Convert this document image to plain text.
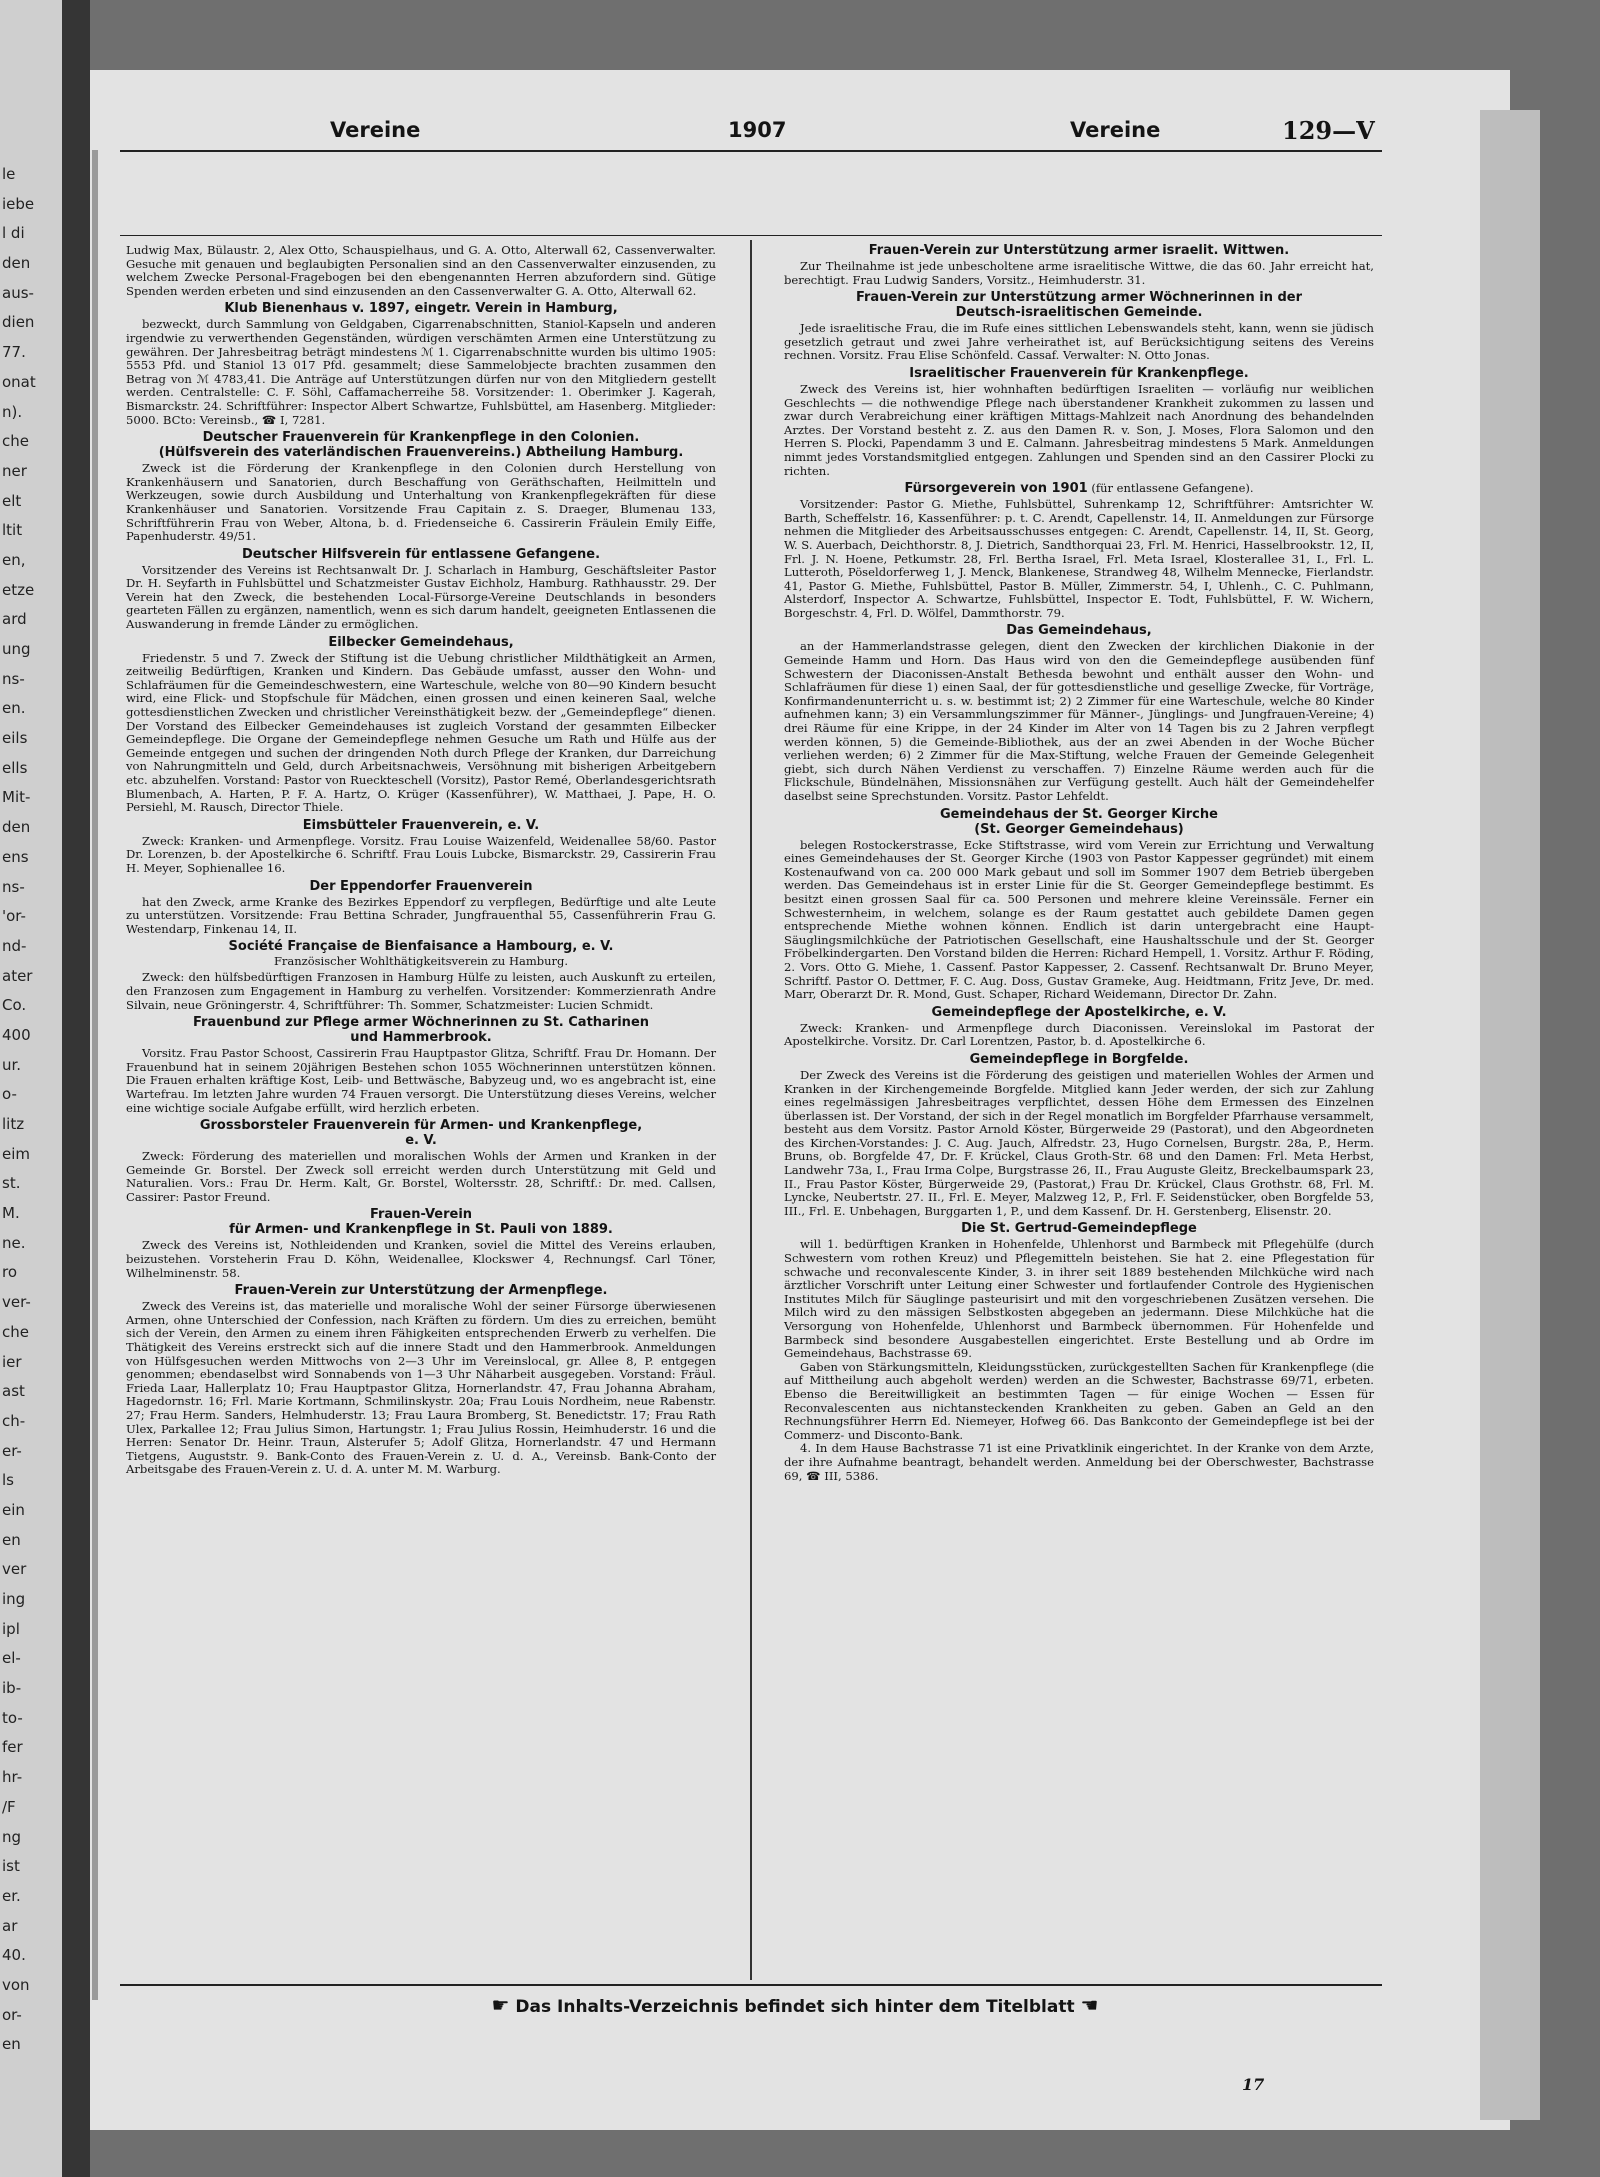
le
iebe
l di
den
aus-
dien
77.
onat
n).
che
ner
elt
ltit
en,
etze
ard
ung
ns-
en.
eils
ells
Mit-
den
ens
ns-
'or-
nd-
ater
Co.
400
ur.
o-
litz
eim
st.
M.
ne.
ro
ver-
che
ier
ast
ch-
er-
ls
ein
en
ver
ing
ipl
el-
ib-
to-
fer
hr-
/F
ng
ist
er.
ar
40.
von
or-
en
Vereine	1907	Vereine	129—V

Ludwig Max, Bülaustr. 2, Alex Otto, Schauspielhaus, und G. A. Otto, Alterwall 62, Cassenverwalter. Gesuche mit genauen und beglaubigten Personalien sind an den Cassenverwalter einzusenden, zu welchem Zwecke Personal-Fragebogen bei den ebengenannten Herren abzufordern sind. Gütige Spenden werden erbeten und sind einzusenden an den Cassenverwalter G. A. Otto, Alterwall 62.

Klub Bienenhaus v. 1897, eingetr. Verein in Hamburg,

bezweckt, durch Sammlung von Geldgaben, Cigarrenabschnitten, Staniol-Kapseln und anderen irgendwie zu verwerthenden Gegenständen, würdigen verschämten Armen eine Unterstützung zu gewähren. Der Jahresbeitrag beträgt mindestens ℳ 1. Cigarrenabschnitte wurden bis ultimo 1905: 5553 Pfd. und Staniol 13 017 Pfd. gesammelt; diese Sammelobjecte brachten zusammen den Betrag von ℳ 4783,41. Die Anträge auf Unterstützungen dürfen nur von den Mitgliedern gestellt werden. Centralstelle: C. F. Söhl, Caffamacherreihe 58. Vorsitzender: 1. Oberimker J. Kagerah, Bismarckstr. 24. Schriftführer: Inspector Albert Schwartze, Fuhlsbüttel, am Hasenberg. Mitglieder: 5000. BCto: Vereinsb., ☎ I, 7281.

Deutscher Frauenverein für Krankenpflege in den Colonien.
(Hülfsverein des vaterländischen Frauenvereins.) Abtheilung Hamburg.

Zweck ist die Förderung der Krankenpflege in den Colonien durch Herstellung von Krankenhäusern und Sanatorien, durch Beschaffung von Geräthschaften, Heilmitteln und Werkzeugen, sowie durch Ausbildung und Unterhaltung von Krankenpflegekräften für diese Krankenhäuser und Sanatorien. Vorsitzende Frau Capitain z. S. Draeger, Blumenau 133, Schriftführerin Frau von Weber, Altona, b. d. Friedenseiche 6. Cassirerin Fräulein Emily Eiffe, Papenhuderstr. 49/51.

Deutscher Hilfsverein für entlassene Gefangene.

Vorsitzender des Vereins ist Rechtsanwalt Dr. J. Scharlach in Hamburg, Geschäftsleiter Pastor Dr. H. Seyfarth in Fuhlsbüttel und Schatzmeister Gustav Eichholz, Hamburg. Rathhausstr. 29. Der Verein hat den Zweck, die bestehenden Local-Fürsorge-Vereine Deutschlands in besonders gearteten Fällen zu ergänzen, namentlich, wenn es sich darum handelt, geeigneten Entlassenen die Auswanderung in fremde Länder zu ermöglichen.

Eilbecker Gemeindehaus,

Friedenstr. 5 und 7. Zweck der Stiftung ist die Uebung christlicher Mildthätigkeit an Armen, zeitweilig Bedürftigen, Kranken und Kindern. Das Gebäude umfasst, ausser den Wohn- und Schlafräumen für die Gemeindeschwestern, eine Warteschule, welche von 80—90 Kindern besucht wird, eine Flick- und Stopfschule für Mädchen, einen grossen und einen keineren Saal, welche gottesdienstlichen Zwecken und christlicher Vereinsthätigkeit bezw. der „Gemeindepflege“ dienen. Der Vorstand des Eilbecker Gemeindehauses ist zugleich Vorstand der gesammten Eilbecker Gemeindepflege. Die Organe der Gemeindepflege nehmen Gesuche um Rath und Hülfe aus der Gemeinde entgegen und suchen der dringenden Noth durch Pflege der Kranken, dur Darreichung von Nahrungmitteln und Geld, durch Arbeitsnachweis, Versöhnung mit bisherigen Arbeitgebern etc. abzuhelfen. Vorstand: Pastor von Rueckteschell (Vorsitz), Pastor Remé, Oberlandesgerichtsrath Blumenbach, A. Harten, P. F. A. Hartz, O. Krüger (Kassenführer), W. Matthaei, J. Pape, H. O. Persiehl, M. Rausch, Director Thiele.

Eimsbütteler Frauenverein, e. V.

Zweck: Kranken- und Armenpflege. Vorsitz. Frau Louise Waizenfeld, Weidenallee 58/60. Pastor Dr. Lorenzen, b. der Apostelkirche 6. Schriftf. Frau Louis Lubcke, Bismarckstr. 29, Cassirerin Frau H. Meyer, Sophienallee 16.

Der Eppendorfer Frauenverein

hat den Zweck, arme Kranke des Bezirkes Eppendorf zu verpflegen, Bedürftige und alte Leute zu unterstützen. Vorsitzende: Frau Bettina Schrader, Jungfrauenthal 55, Cassenführerin Frau G. Westendarp, Finkenau 14, II.

Société Française de Bienfaisance a Hambourg, e. V.
Französischer Wohlthätigkeitsverein zu Hamburg.

Zweck: den hülfsbedürftigen Franzosen in Hamburg Hülfe zu leisten, auch Auskunft zu erteilen, den Franzosen zum Engagement in Hamburg zu verhelfen. Vorsitzender: Kommerzienrath Andre Silvain, neue Gröningerstr. 4, Schriftführer: Th. Sommer, Schatzmeister: Lucien Schmidt.

Frauenbund zur Pflege armer Wöchnerinnen zu St. Catharinen
und Hammerbrook.

Vorsitz. Frau Pastor Schoost, Cassirerin Frau Hauptpastor Glitza, Schriftf. Frau Dr. Homann. Der Frauenbund hat in seinem 20jährigen Bestehen schon 1055 Wöchnerinnen unterstützen können. Die Frauen erhalten kräftige Kost, Leib- und Bettwäsche, Babyzeug und, wo es angebracht ist, eine Wartefrau. Im letzten Jahre wurden 74 Frauen versorgt. Die Unterstützung dieses Vereins, welcher eine wichtige sociale Aufgabe erfüllt, wird herzlich erbeten.

Grossborsteler Frauenverein für Armen- und Krankenpflege,
e. V.

Zweck: Förderung des materiellen und moralischen Wohls der Armen und Kranken in der Gemeinde Gr. Borstel. Der Zweck soll erreicht werden durch Unterstützung mit Geld und Naturalien. Vors.: Frau Dr. Herm. Kalt, Gr. Borstel, Woltersstr. 28, Schriftf.: Dr. med. Callsen, Cassirer: Pastor Freund.

Frauen-Verein
für Armen- und Krankenpflege in St. Pauli von 1889.

Zweck des Vereins ist, Nothleidenden und Kranken, soviel die Mittel des Vereins erlauben, beizustehen. Vorsteherin Frau D. Köhn, Weidenallee, Klockswег 4, Rechnungsf. Carl Töner, Wilhelminenstr. 58.

Frauen-Verein zur Unterstützung der Armenpflege.

Zweck des Vereins ist, das materielle und moralische Wohl der seiner Fürsorge überwiesenen Armen, ohne Unterschied der Confession, nach Kräften zu fördern. Um dies zu erreichen, bemüht sich der Verein, den Armen zu einem ihren Fähigkeiten entsprechenden Erwerb zu verhelfen. Die Thätigkeit des Vereins erstreckt sich auf die innere Stadt und den Hammerbrook. Anmeldungen von Hülfsgesuchen werden Mittwochs von 2—3 Uhr im Vereinslocal, gr. Allee 8, P. entgegen genommen; ebendaselbst wird Sonnabends von 1—3 Uhr Näharbeit ausgegeben. Vorstand: Fräul. Frieda Laar, Hallerplatz 10; Frau Hauptpastor Glitza, Hornerlandstr. 47, Frau Johanna Abraham, Hagedornstr. 16; Frl. Marie Kortmann, Schmilinskystr. 20a; Frau Louis Nordheim, neue Rabenstr. 27; Frau Herm. Sanders, Helmhuderstr. 13; Frau Laura Bromberg, St. Benedictstr. 17; Frau Rath Ulex, Parkallee 12; Frau Julius Simon, Hartungstr. 1; Frau Julius Rossin, Heimhuderstr. 16 und die Herren: Senator Dr. Heinr. Traun, Alsterufer 5; Adolf Glitza, Hornerlandstr. 47 und Hermann Tietgens, Auguststr. 9. Bank-Conto des Frauen-Verein z. U. d. A., Vereinsb. Bank-Conto der Arbeitsgabe des Frauen-Verein z. U. d. A. unter M. M. Warburg.

Frauen-Verein zur Unterstützung armer israelit. Wittwen.

Zur Theilnahme ist jede unbescholtene arme israelitische Wittwe, die das 60. Jahr erreicht hat, berechtigt. Frau Ludwig Sanders, Vorsitz., Heimhuderstr. 31.

Frauen-Verein zur Unterstützung armer Wöchnerinnen in der
Deutsch-israelitischen Gemeinde.

Jede israelitische Frau, die im Rufe eines sittlichen Lebenswandels steht, kann, wenn sie jüdisch gesetzlich getraut und zwei Jahre verheirathet ist, auf Berücksichtigung seitens des Vereins rechnen. Vorsitz. Frau Elise Schönfeld. Cassaf. Verwalter: N. Otto Jonas.

Israelitischer Frauenverein für Krankenpflege.

Zweck des Vereins ist, hier wohnhaften bedürftigen Israeliten — vorläufig nur weiblichen Geschlechts — die nothwendige Pflege nach überstandener Krankheit zukommen zu lassen und zwar durch Verabreichung einer kräftigen Mittags-Mahlzeit nach Anordnung des behandelnden Arztes. Der Vorstand besteht z. Z. aus den Damen R. v. Son, J. Moses, Flora Salomon und den Herren S. Plocki, Papendamm 3 und E. Calmann. Jahresbeitrag mindestens 5 Mark. Anmeldungen nimmt jedes Vorstandsmitglied entgegen. Zahlungen und Spenden sind an den Cassirer Plocki zu richten.

Fürsorgeverein von 1901 (für entlassene Gefangene).

Vorsitzender: Pastor G. Miethe, Fuhlsbüttel, Suhrenkamp 12, Schriftführer: Amtsrichter W. Barth, Scheffelstr. 16, Kassenführer: p. t. C. Arendt, Capellenstr. 14, II. Anmeldungen zur Fürsorge nehmen die Mitglieder des Arbeitsausschusses entgegen: C. Arendt, Capellenstr. 14, II, St. Georg, W. S. Auerbach, Deichthorstr. 8, J. Dietrich, Sandthorquai 23, Frl. M. Henrici, Hasselbrookstr. 12, II, Frl. J. N. Hoene, Petkumstr. 28, Frl. Bertha Israel, Frl. Meta Israel, Klosterallee 31, I., Frl. L. Lutteroth, Pöseldorferweg 1, J. Menck, Blankenese, Strandweg 48, Wilhelm Mennecke, Fierlandstr. 41, Pastor G. Miethe, Fuhlsbüttel, Pastor B. Müller, Zimmerstr. 54, I, Uhlenh., C. C. Puhlmann, Alsterdorf, Inspector A. Schwartze, Fuhlsbüttel, Inspector E. Todt, Fuhlsbüttel, F. W. Wichern, Borgeschstr. 4, Frl. D. Wölfel, Dammthorstr. 79.

Das Gemeindehaus,

an der Hammerlandstrasse gelegen, dient den Zwecken der kirchlichen Diakonie in der Gemeinde Hamm und Horn. Das Haus wird von den die Gemeindepflege ausübenden fünf Schwestern der Diaconissen-Anstalt Bethesda bewohnt und enthält ausser den Wohn- und Schlafräumen für diese 1) einen Saal, der für gottesdienstliche und gesellige Zwecke, für Vorträge, Konfirmandenunterricht u. s. w. bestimmt ist; 2) 2 Zimmer für eine Warteschule, welche 80 Kinder aufnehmen kann; 3) ein Versammlungszimmer für Männer-, Jünglings- und Jungfrauen-Vereine; 4) drei Räume für eine Krippe, in der 24 Kinder im Alter von 14 Tagen bis zu 2 Jahren verpflegt werden können, 5) die Gemeinde-Bibliothek, aus der an zwei Abenden in der Woche Bücher verliehen werden; 6) 2 Zimmer für die Max-Stiftung, welche Frauen der Gemeinde Gelegenheit giebt, sich durch Nähen Verdienst zu verschaffen. 7) Einzelne Räume werden auch für die Flickschule, Bündelnähen, Missionsnähen zur Verfügung gestellt. Auch hält der Gemeindehelfer daselbst seine Sprechstunden. Vorsitz. Pastor Lehfeldt.

Gemeindehaus der St. Georger Kirche
(St. Georger Gemeindehaus)

belegen Rostockerstrasse, Ecke Stiftstrasse, wird vom Verein zur Errichtung und Verwaltung eines Gemeindehauses der St. Georger Kirche (1903 von Pastor Kappesser gegründet) mit einem Kostenaufwand von ca. 200 000 Mark gebaut und soll im Sommer 1907 dem Betrieb übergeben werden. Das Gemeindehaus ist in erster Linie für die St. Georger Gemeindepflege bestimmt. Es besitzt einen grossen Saal für ca. 500 Personen und mehrere kleine Vereinssäle. Ferner ein Schwesternheim, in welchem, solange es der Raum gestattet auch gebildete Damen gegen entsprechende Miethe wohnen können. Endlich ist darin untergebracht eine Haupt-Säuglingsmilchküche der Patriotischen Gesellschaft, eine Haushaltsschule und der St. Georger Fröbelkindergarten. Den Vorstand bilden die Herren: Richard Hempell, 1. Vorsitz. Arthur F. Röding, 2. Vors. Otto G. Miehe, 1. Cassenf. Pastor Kappesser, 2. Cassenf. Rechtsanwalt Dr. Bruno Meyer, Schriftf. Pastor O. Dettmer, F. C. Aug. Doss, Gustav Grameke, Aug. Heidtmann, Fritz Jeve, Dr. med. Marr, Oberarzt Dr. R. Mond, Gust. Schaper, Richard Weidemann, Director Dr. Zahn.

Gemeindepflege der Apostelkirche, e. V.

Zweck: Kranken- und Armenpflege durch Diaconissen. Vereinslokal im Pastorat der Apostelkirche. Vorsitz. Dr. Carl Lorentzen, Pastor, b. d. Apostelkirche 6.

Gemeindepflege in Borgfelde.

Der Zweck des Vereins ist die Förderung des geistigen und materiellen Wohles der Armen und Kranken in der Kirchengemeinde Borgfelde. Mitglied kann Jeder werden, der sich zur Zahlung eines regelmässigen Jahresbeitrages verpflichtet, dessen Höhe dem Ermessen des Einzelnen überlassen ist. Der Vorstand, der sich in der Regel monatlich im Borgfelder Pfarrhause versammelt, besteht aus dem Vorsitz. Pastor Arnold Köster, Bürgerweide 29 (Pastorat), und den Abgeordneten des Kirchen-Vorstandes: J. C. Aug. Jauch, Alfredstr. 23, Hugo Cornelsen, Burgstr. 28a, P., Herm. Bruns, ob. Borgfelde 47, Dr. F. Krückel, Claus Groth-Str. 68 und den Damen: Frl. Meta Herbst, Landwehr 73a, I., Frau Irma Colpe, Burgstrasse 26, II., Frau Auguste Gleitz, Breckelbaumspark 23, II., Frau Pastor Köster, Bürgerweide 29, (Pastorat,) Frau Dr. Krückel, Claus Grothstr. 68, Frl. M. Lyncke, Neubertstr. 27. II., Frl. E. Meyer, Malzweg 12, P., Frl. F. Seidenstücker, oben Borgfelde 53, III., Frl. E. Unbehagen, Burggarten 1, P., und dem Kassenf. Dr. H. Gerstenberg, Elisenstr. 20.

Die St. Gertrud-Gemeindepflege

will 1. bedürftigen Kranken in Hohenfelde, Uhlenhorst und Barmbeck mit Pflegehülfe (durch Schwestern vom rothen Kreuz) und Pflegemitteln beistehen. Sie hat 2. eine Pflegestation für schwache und reconvalescente Kinder, 3. in ihrer seit 1889 bestehenden Milchküche wird nach ärztlicher Vorschrift unter Leitung einer Schwester und fortlaufender Controle des Hygienischen Institutes Milch für Säuglinge pasteurisirt und mit den vorgeschriebenen Zusätzen versehen. Die Milch wird zu den mässigen Selbstkosten abgegeben an jedermann. Diese Milchküche hat die Versorgung von Hohenfelde, Uhlenhorst und Barmbeck übernommen. Für Hohenfelde und Barmbeck sind besondere Ausgabestellen eingerichtet. Erste Bestellung und ab Ordre im Gemeindehaus, Bachstrasse 69.

Gaben von Stärkungsmitteln, Kleidungsstücken, zurückgestellten Sachen für Krankenpflege (die auf Mittheilung auch abgeholt werden) werden an die Schwester, Bachstrasse 69/71, erbeten. Ebenso die Bereitwilligkeit an bestimmten Tagen — für einige Wochen — Essen für Reconvalescenten aus nichtansteckenden Krankheiten zu geben. Gaben an Geld an den Rechnungsführer Herrn Ed. Niemeyer, Hofweg 66. Das Bankconto der Gemeindepflege ist bei der Commerz- und Disconto-Bank.

4. In dem Hause Bachstrasse 71 ist eine Privatklinik eingerichtet. In der Kranke von dem Arzte, der ihre Aufnahme beantragt, behandelt werden. Anmeldung bei der Oberschwester, Bachstrasse 69, ☎ III, 5386.

☛ Das Inhalts-Verzeichnis befindet sich hinter dem Titelblatt ☚
17
